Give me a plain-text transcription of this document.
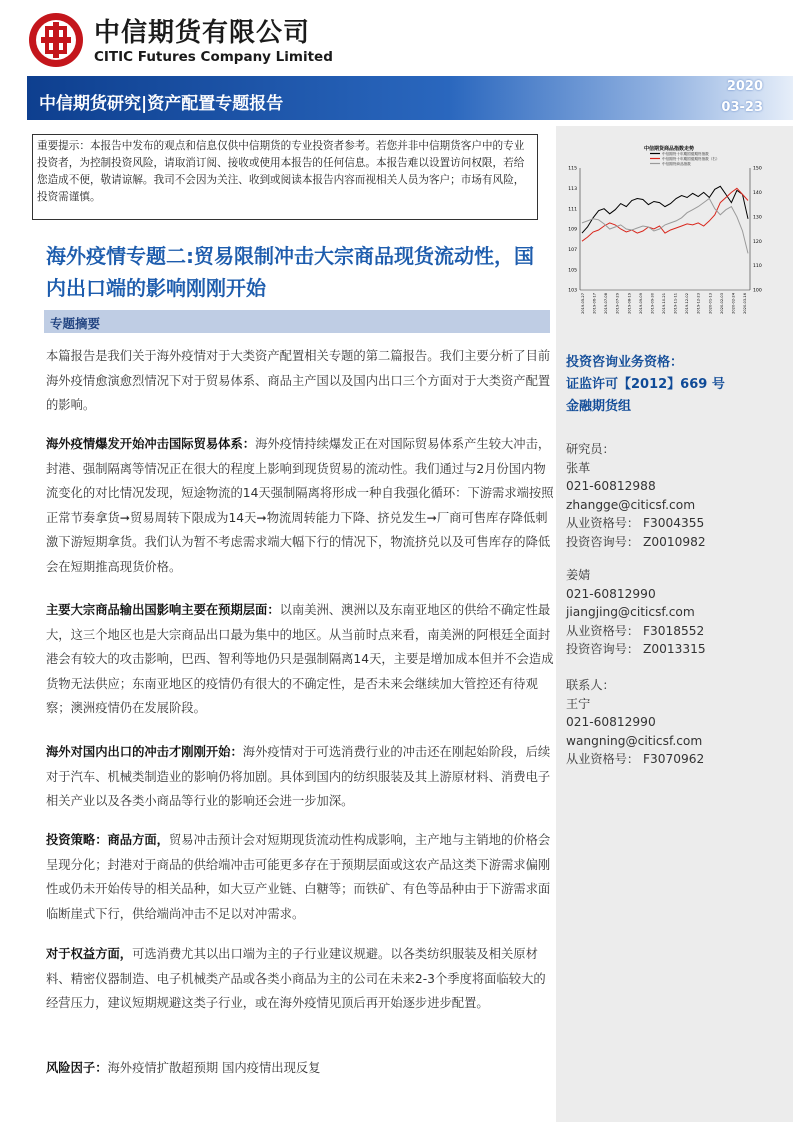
中信期货有限公司
CITIC Futures Company Limited
中信期货研究|资产配置专题报告
2020
03-23
重要提示：本报告中发布的观点和信息仅供中信期货的专业投资者参考。若您并非中信期货客户中的专业投资者，为控制投资风险，请取消订阅、接收或使用本报告的任何信息。本报告难以设置访问权限，若给您造成不便，敬请谅解。我司不会因为关注、收到或阅读本报告内容而视相关人员为客户；市场有风险，投资需谨慎。
中信期货商品指数走势
中信期货十年期国债期货指数
中信期货十年期国债期货指数（右）
中信期货商品指数
103
105
107
109
111
113
115
100
110
120
130
140
150
2019-05-27 2019-06-17 2019-07-08 2019-07-29 2019-08-19 2019-09-09 2019-09-30 2019-10-21 2019-11-11 2019-12-02 2019-12-23 2020-01-13 2020-02-03 2020-02-24 2020-03-16
海外疫情专题二:贸易限制冲击大宗商品现货流动性，国内出口端的影响刚刚开始
专题摘要
本篇报告是我们关于海外疫情对于大类资产配置相关专题的第二篇报告。我们主要分析了目前海外疫情愈演愈烈情况下对于贸易体系、商品主产国以及国内出口三个方面对于大类资产配置的影响。
海外疫情爆发开始冲击国际贸易体系：海外疫情持续爆发正在对国际贸易体系产生较大冲击，封港、强制隔离等情况正在很大的程度上影响到现货贸易的流动性。我们通过与2月份国内物流变化的对比情况发现，短途物流的14天强制隔离将形成一种自我强化循环：下游需求端按照正常节奏拿货➞贸易周转下限成为14天➞物流周转能力下降、挤兑发生➞厂商可售库存降低刺激下游短期拿货。我们认为暂不考虑需求端大幅下行的情况下，物流挤兑以及可售库存的降低会在短期推高现货价格。
主要大宗商品输出国影响主要在预期层面：以南美洲、澳洲以及东南亚地区的供给不确定性最大，这三个地区也是大宗商品出口最为集中的地区。从当前时点来看，南美洲的阿根廷全面封港会有较大的攻击影响，巴西、智利等地仍只是强制隔离14天，主要是增加成本但并不会造成货物无法供应；东南亚地区的疫情仍有很大的不确定性，是否未来会继续加大管控还有待观察；澳洲疫情仍在发展阶段。
海外对国内出口的冲击才刚刚开始：海外疫情对于可选消费行业的冲击还在刚起始阶段，后续对于汽车、机械类制造业的影响仍将加剧。具体到国内的纺织服装及其上游原材料、消费电子相关产业以及各类小商品等行业的影响还会进一步加深。
投资策略：商品方面，贸易冲击预计会对短期现货流动性构成影响，主产地与主销地的价格会呈现分化；封港对于商品的供给端冲击可能更多存在于预期层面或这农产品这类下游需求偏刚性或仍未开始传导的相关品种，如大豆产业链、白糖等；而铁矿、有色等品种由于下游需求面临断崖式下行，供给端尚冲击不足以对冲需求。
对于权益方面，可选消费尤其以出口端为主的子行业建议规避。以各类纺织服装及相关原材料、精密仪器制造、电子机械类产品或各类小商品为主的公司在未来2-3个季度将面临较大的经营压力，建议短期规避这类子行业，或在海外疫情见顶后再开始逐步进步配置。
风险因子：海外疫情扩散超预期 国内疫情出现反复
投资咨询业务资格：
证监许可【2012】669 号
金融期货组
研究员：
张革
021-60812988
zhangge@citicsf.com
从业资格号： F3004355
投资咨询号： Z0010982
姜婧
021-60812990
jiangjing@citicsf.com
从业资格号： F3018552
投资咨询号： Z0013315
联系人：
王宁
021-60812990
wangning@citicsf.com
从业资格号： F3070962
